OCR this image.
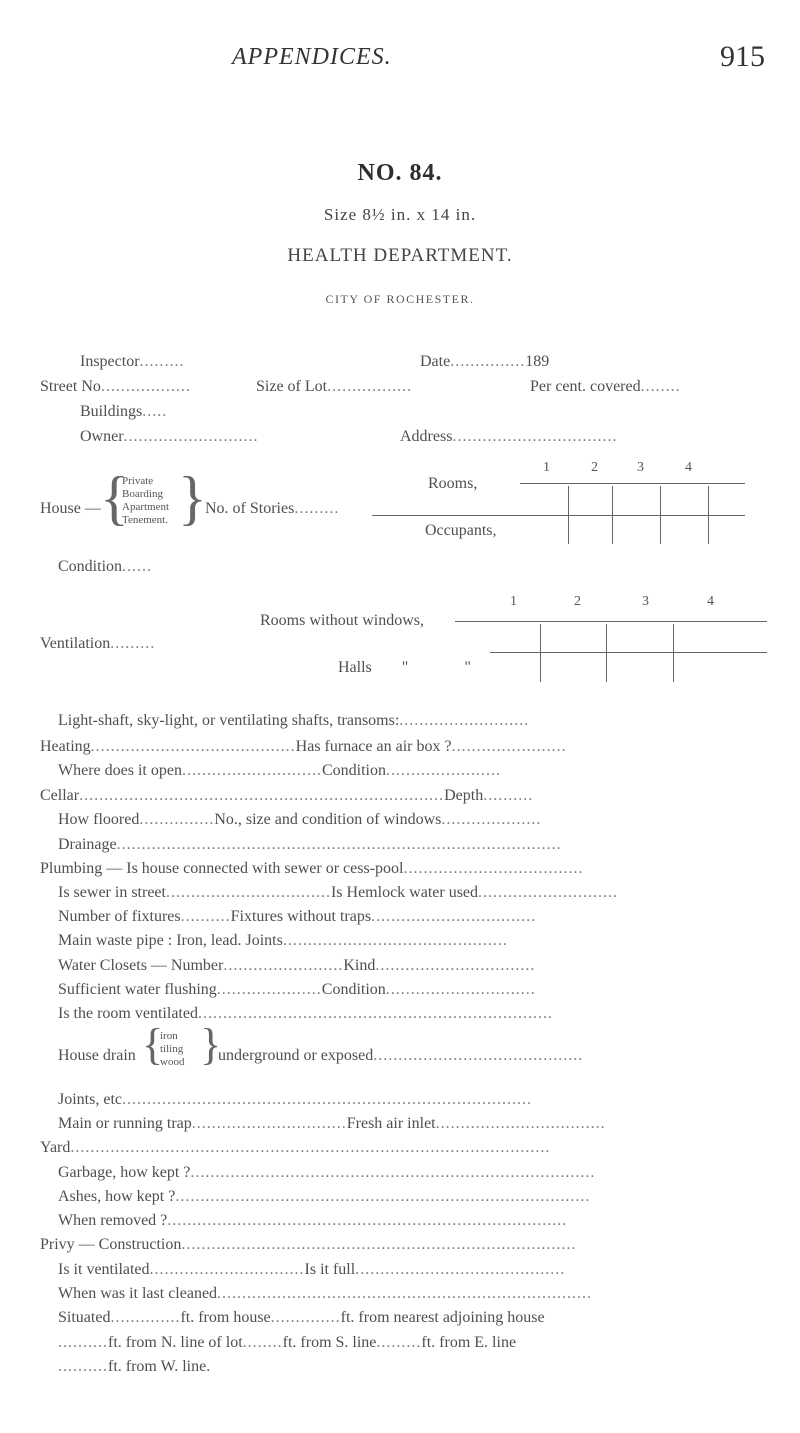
APPENDICES.	915
NO. 84.
Size 8½ in. x 14 in.
HEALTH DEPARTMENT.
CITY OF ROCHESTER.
Inspector.........	Date...............189
Street No..................	Size of Lot.................	Per cent. covered........
Buildings.....
Owner...........................	Address.................................
1	2	3	4
House — {
Private
Boarding
Apartment
Tenement. }
No. of Stories.........
Rooms,
Occupants,
Condition......
1	2	3	4
Rooms without windows,
Ventilation.........
Halls "	"
Light-shaft, sky-light, or ventilating shafts, transoms:..........................
Heating.........................................Has furnace an air box ?.......................
Where does it open............................Condition.......................
Cellar.........................................................................Depth..........
How floored...............No., size and condition of windows....................
Drainage.........................................................................................
Plumbing — Is house connected with sewer or cess-pool....................................
Is sewer in street.................................Is Hemlock water used............................
Number of fixtures..........Fixtures without traps.................................
Main waste pipe : Iron, lead. Joints.............................................
Water Closets — Number........................Kind................................
Sufficient water flushing.....................Condition..............................
Is the room ventilated.......................................................................
House drain {
iron
tiling
wood }
underground or exposed..........................................
Joints, etc..................................................................................
Main or running trap...............................Fresh air inlet..................................
Yard................................................................................................
Garbage, how kept ?.................................................................................
Ashes, how kept ?...................................................................................
When removed ?................................................................................
Privy — Construction...............................................................................
Is it ventilated...............................Is it full..........................................
When was it last cleaned...........................................................................
Situated..............ft. from house..............ft. from nearest adjoining house
..........ft. from N. line of lot........ft. from S. line.........ft. from E. line
..........ft. from W. line.
